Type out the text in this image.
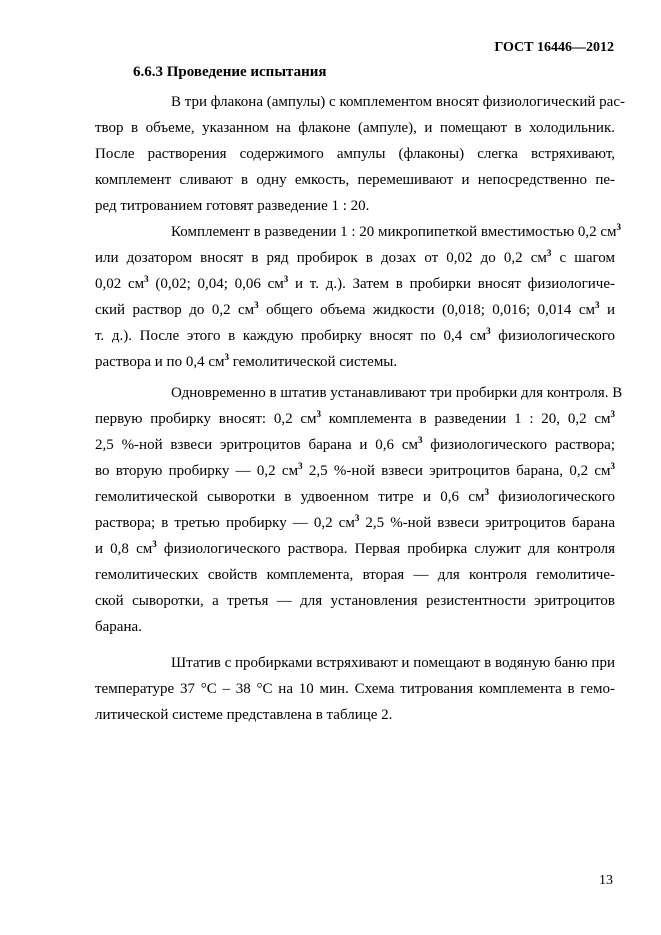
ГОСТ 16446—2012
6.6.3 Проведение испытания
В три флакона (ампулы) с комплементом вносят физиологический рас-
твор в объеме, указанном на флаконе (ампуле), и помещают в холодильник.
После растворения содержимого ампулы (флаконы) слегка встряхивают,
комплемент сливают в одну емкость, перемешивают и непосредственно пе-
ред титрованием готовят разведение 1 : 20.
Комплемент в разведении 1 : 20 микропипеткой вместимостью 0,2 $см^3$
или дозатором вносят в ряд пробирок в дозах от 0,02 до 0,2 $см^3$ с шагом
0,02 $см^3$ (0,02; 0,04; 0,06 $см^3$ и т. д.). Затем в пробирки вносят физиологиче-
ский раствор до 0,2 $см^3$ общего объема жидкости (0,018; 0,016; 0,014 $см^3$ и
т. д.). После этого в каждую пробирку вносят по 0,4 $см^3$ физиологического
раствора и по 0,4 $см^3$ гемолитической системы.
Одновременно в штатив устанавливают три пробирки для контроля. В
первую пробирку вносят: 0,2 $см^3$ комплемента в разведении 1 : 20, 0,2 $см^3$
2,5 %-ной взвеси эритроцитов барана и 0,6 $см^3$ физиологического раствора;
во вторую пробирку — 0,2 $см^3$ 2,5 %-ной взвеси эритроцитов барана, 0,2 $см^3$
гемолитической сыворотки в удвоенном титре и 0,6 $см^3$ физиологического
раствора; в третью пробирку — 0,2 $см^3$ 2,5 %-ной взвеси эритроцитов барана
и 0,8 $см^3$ физиологического раствора. Первая пробирка служит для контроля
гемолитических свойств комплемента, вторая — для контроля гемолитиче-
ской сыворотки, а третья — для установления резистентности эритроцитов
барана.
Штатив с пробирками встряхивают и помещают в водяную баню при
температуре 37 °С – 38 °С на 10 мин. Схема титрования комплемента в гемо-
литической системе представлена в таблице 2.
13
